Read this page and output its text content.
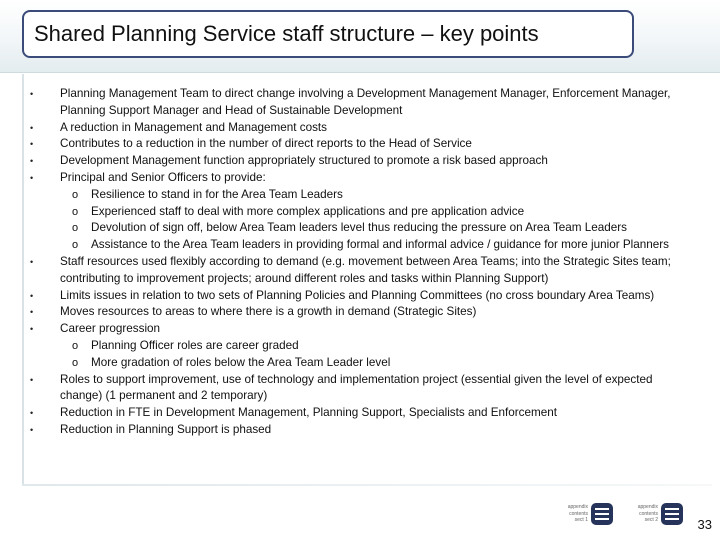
Shared Planning Service staff structure – key points
• Planning Management Team to direct change involving a Development Management Manager, Enforcement Manager, Planning Support Manager and Head of Sustainable Development
• A reduction in Management and Management costs
• Contributes to a reduction in the number of direct reports to the Head of Service
• Development Management function appropriately structured to promote a risk based approach
• Principal and Senior Officers to provide:
o Resilience to stand in for the Area Team Leaders
o Experienced staff to deal with more complex applications and pre application advice
o Devolution of sign off, below Area Team leaders level thus reducing the pressure on Area Team Leaders
o Assistance to the Area Team leaders in providing formal and informal advice / guidance for more junior Planners
• Staff resources used flexibly according to demand (e.g. movement between Area Teams; into the Strategic Sites team; contributing to improvement projects; around different roles and tasks within Planning Support)
• Limits issues in relation to two sets of Planning Policies and Planning Committees (no cross boundary Area Teams)
• Moves resources to areas to where there is a growth in demand (Strategic Sites)
• Career progression
o Planning Officer roles are career graded
o More gradation of roles below the Area Team Leader level
• Roles to support improvement, use of technology and implementation project (essential given the level of expected change) (1 permanent and 2 temporary)
• Reduction in FTE in Development Management, Planning Support, Specialists and Enforcement
• Reduction in Planning Support is phased
appendix
contents
sect 1
appendix
contents
sect 2	33
